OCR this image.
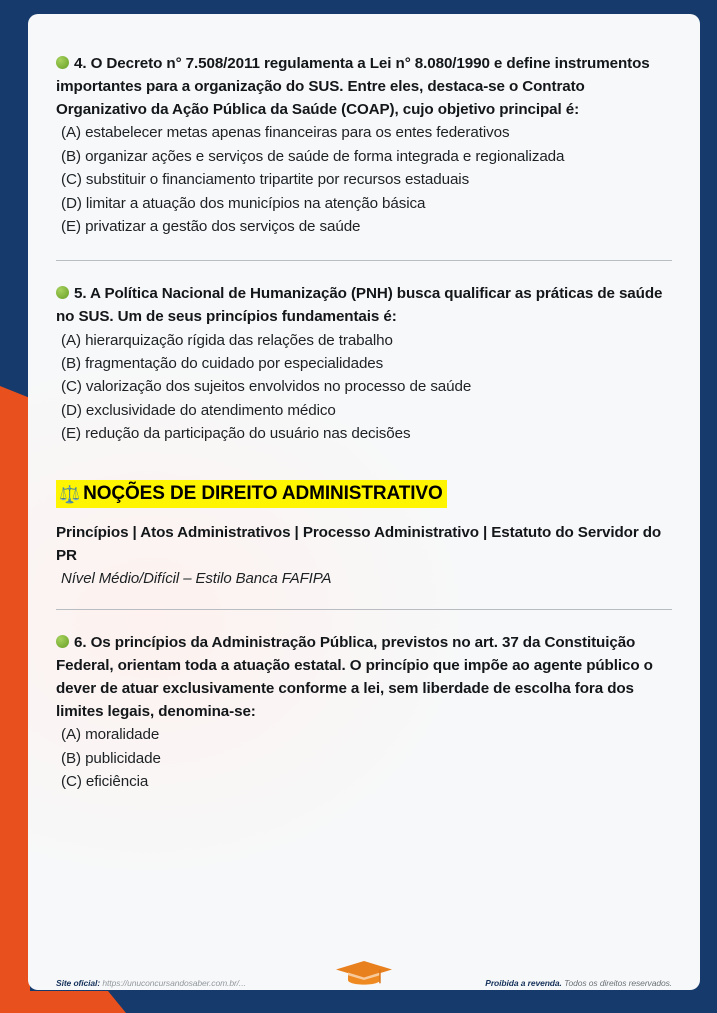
4. O Decreto n° 7.508/2011 regulamenta a Lei n° 8.080/1990 e define instrumentos importantes para a organização do SUS. Entre eles, destaca-se o Contrato Organizativo da Ação Pública da Saúde (COAP), cujo objetivo principal é:

(A) estabelecer metas apenas financeiras para os entes federativos
(B) organizar ações e serviços de saúde de forma integrada e regionalizada
(C) substituir o financiamento tripartite por recursos estaduais
(D) limitar a atuação dos municípios na atenção básica
(E) privatizar a gestão dos serviços de saúde

5. A Política Nacional de Humanização (PNH) busca qualificar as práticas de saúde no SUS. Um de seus princípios fundamentais é:

(A) hierarquização rígida das relações de trabalho
(B) fragmentação do cuidado por especialidades
(C) valorização dos sujeitos envolvidos no processo de saúde
(D) exclusividade do atendimento médico
(E) redução da participação do usuário nas decisões
⚖️ NOÇÕES DE DIREITO ADMINISTRATIVO

Princípios | Atos Administrativos | Processo Administrativo | Estatuto do Servidor do PR

Nível Médio/Difícil – Estilo Banca FAFIPA

6. Os princípios da Administração Pública, previstos no art. 37 da Constituição Federal, orientam toda a atuação estatal. O princípio que impõe ao agente público o dever de atuar exclusivamente conforme a lei, sem liberdade de escolha fora dos limites legais, denomina-se:

(A) moralidade
(B) publicidade
(C) eficiência
Site oficial: https://unuconcursandosaber.com.br/...	Proibida a revenda. Todos os direitos reservados.
